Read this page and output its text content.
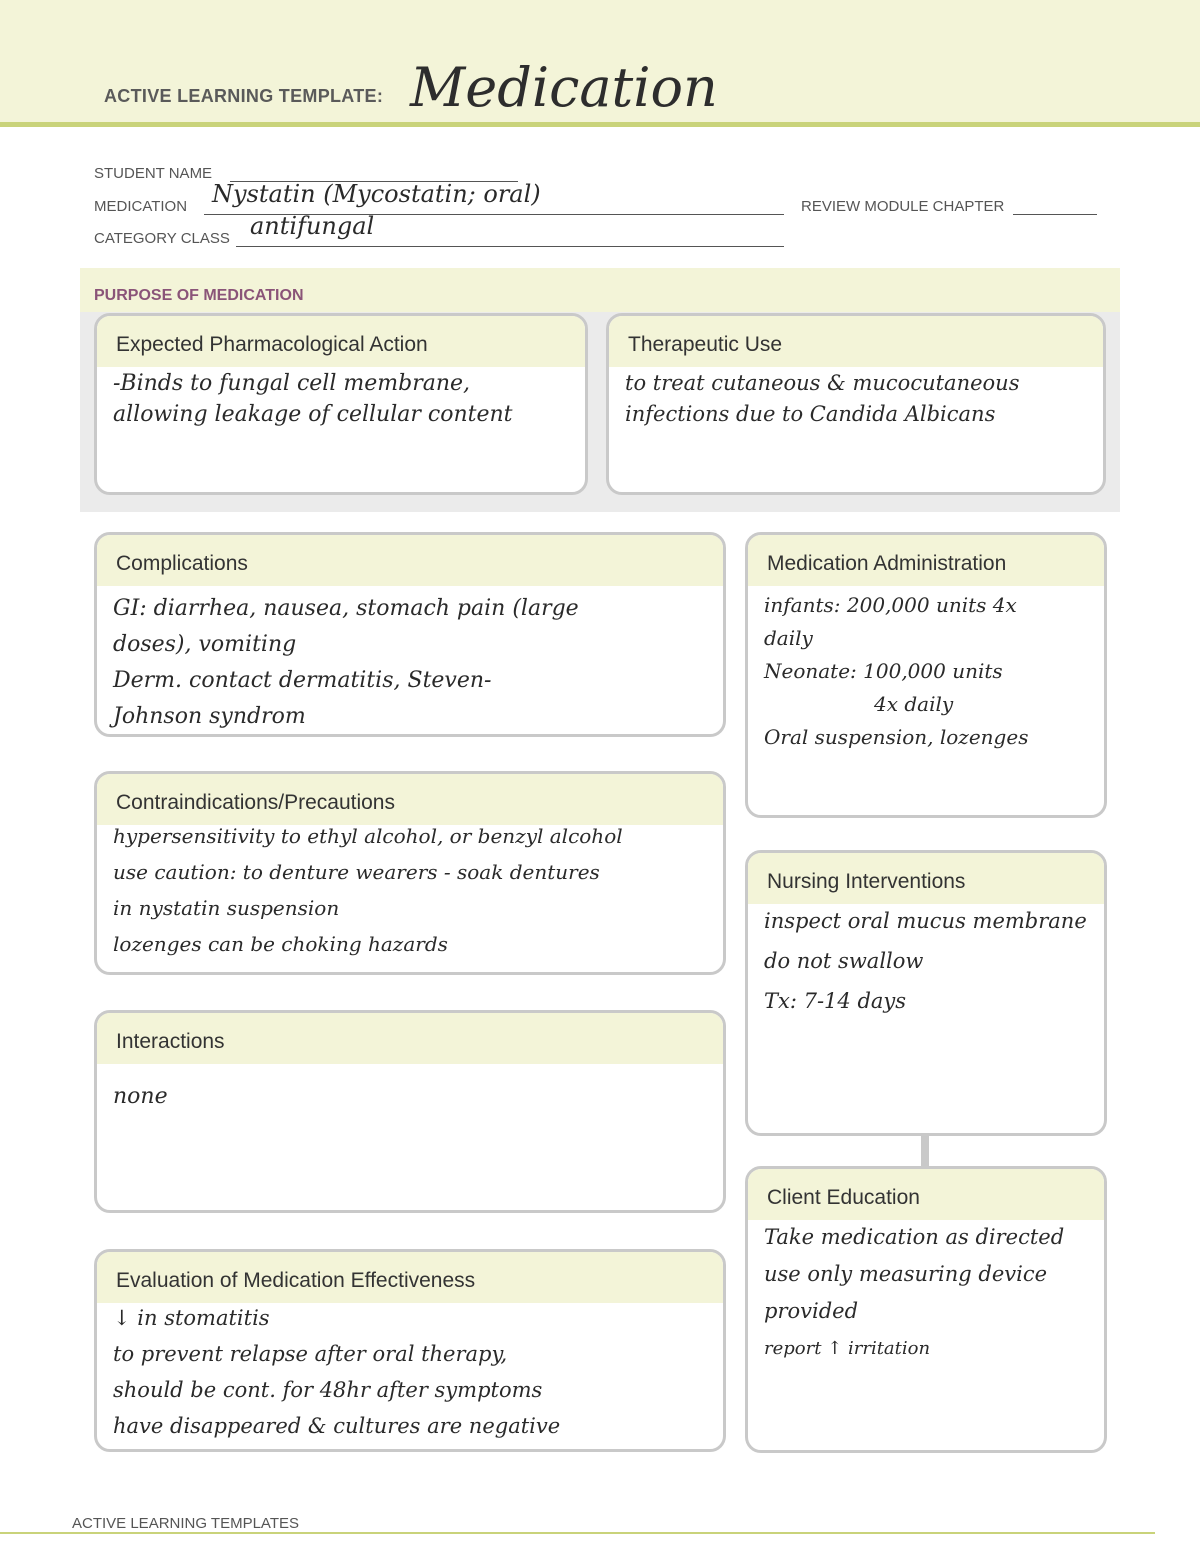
ACTIVE LEARNING TEMPLATE: Medication
STUDENT NAME
MEDICATION Nystatin (Mycostatin; oral)	REVIEW MODULE CHAPTER
CATEGORY CLASS antifungal
PURPOSE OF MEDICATION
Expected Pharmacological Action
-Binds to fungal cell membrane,
allowing leakage of cellular content
Therapeutic Use
to treat cutaneous & mucocutaneous
infections due to Candida Albicans
Complications
GI: diarrhea, nausea, stomach pain (large
doses), vomiting
Derm. contact dermatitis, Steven-
Johnson syndrom
Medication Administration
infants: 200,000 units 4x
daily
Neonate: 100,000 units
4x daily
Oral suspension, lozenges
Contraindications/Precautions
hypersensitivity to ethyl alcohol, or benzyl alcohol
use caution: to denture wearers - soak dentures
in nystatin suspension
lozenges can be choking hazards
Nursing Interventions
inspect oral mucus membrane
do not swallow
Tx: 7-14 days
Interactions
none
Client Education
Take medication as directed
use only measuring device
provided
report ↑ irritation
Evaluation of Medication Effectiveness
↓ in stomatitis
to prevent relapse after oral therapy,
should be cont. for 48hr after symptoms
have disappeared & cultures are negative
ACTIVE LEARNING TEMPLATES
